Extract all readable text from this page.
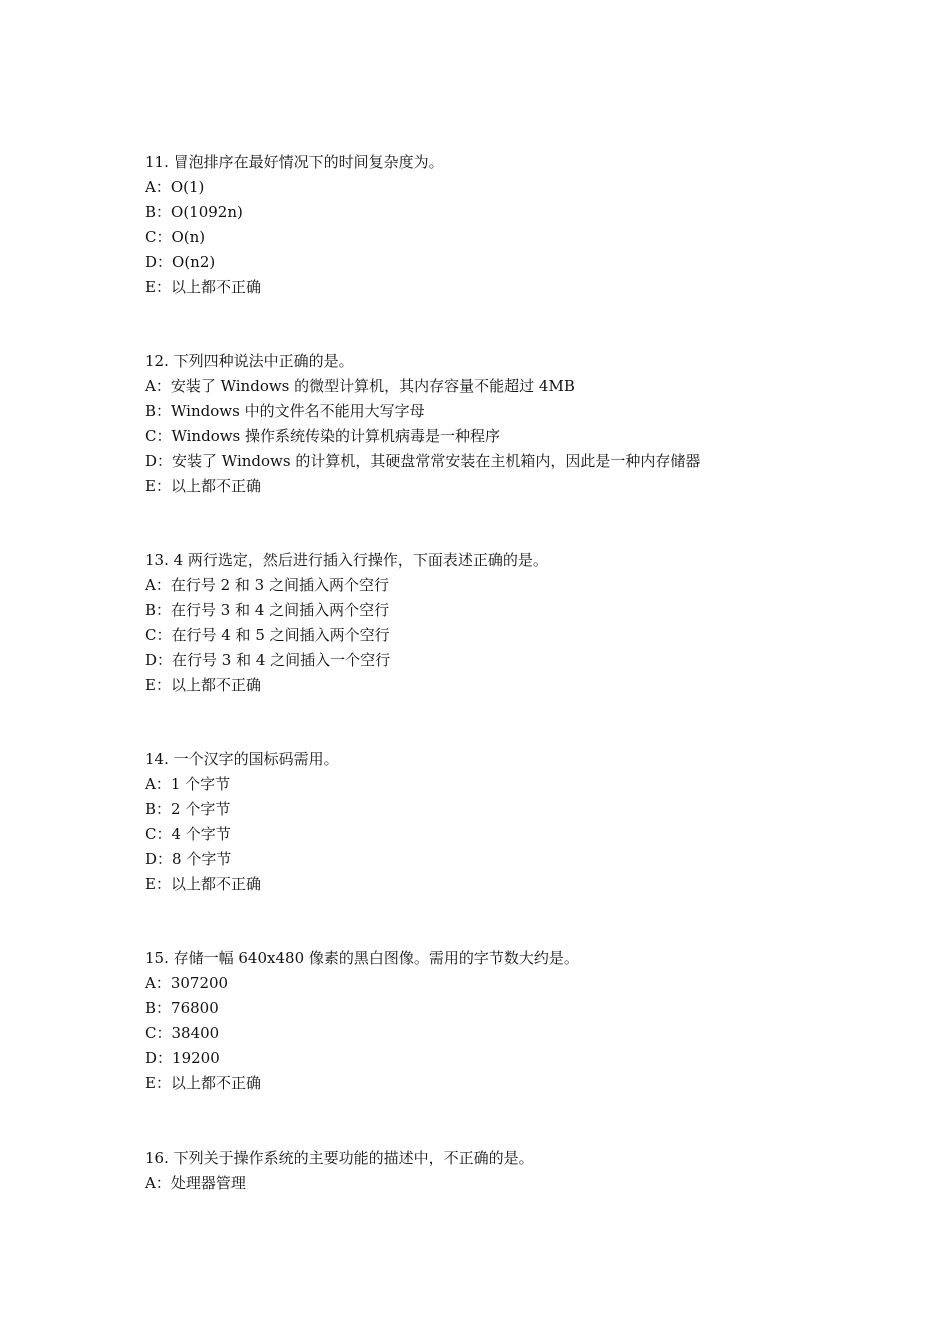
11. 冒泡排序在最好情况下的时间复杂度为。
A：O(1)
B：O(1092n)
C：O(n)
D：O(n2)
E：以上都不正确
12. 下列四种说法中正确的是。
A：安装了 Windows 的微型计算机，其内存容量不能超过 4MB
B：Windows 中的文件名不能用大写字母
C：Windows 操作系统传染的计算机病毒是一种程序
D：安装了 Windows 的计算机，其硬盘常常安装在主机箱内，因此是一种内存储器
E：以上都不正确
13. 4 两行选定，然后进行插入行操作，下面表述正确的是。
A：在行号 2 和 3 之间插入两个空行
B：在行号 3 和 4 之间插入两个空行
C：在行号 4 和 5 之间插入两个空行
D：在行号 3 和 4 之间插入一个空行
E：以上都不正确
14. 一个汉字的国标码需用。
A：1 个字节
B：2 个字节
C：4 个字节
D：8 个字节
E：以上都不正确
15. 存储一幅 640x480 像素的黑白图像。需用的字节数大约是。
A：307200
B：76800
C：38400
D：19200
E：以上都不正确
16. 下列关于操作系统的主要功能的描述中，不正确的是。
A：处理器管理
